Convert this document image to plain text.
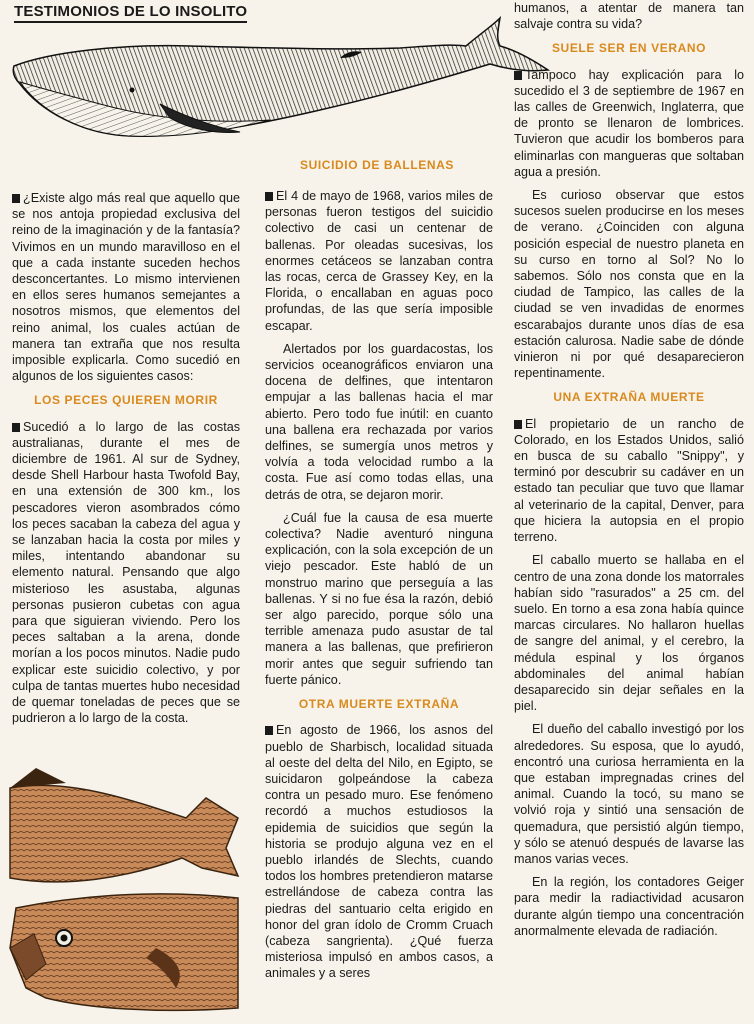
TESTIMONIOS DE LO INSOLITO
SUICIDIO DE BALLENAS

¿Existe algo más real que aquello que se nos antoja propiedad exclusiva del reino de la imaginación y de la fantasía? Vivimos en un mundo maravilloso en el que a cada instante suceden hechos desconcertantes. Lo mismo intervienen en ellos seres humanos semejantes a nosotros mismos, que elementos del reino animal, los cuales actúan de manera tan extraña que nos resulta imposible explicarla. Como sucedió en algunos de los siguientes casos:

LOS PECES QUIEREN MORIR

Sucedió a lo largo de las costas australianas, durante el mes de diciembre de 1961. Al sur de Sydney, desde Shell Harbour hasta Twofold Bay, en una extensión de 300 km., los pescadores vieron asombrados cómo los peces sacaban la cabeza del agua y se lanzaban hacia la costa por miles y miles, intentando abandonar su elemento natural. Pensando que algo misterioso les asustaba, algunas personas pusieron cubetas con agua para que siguieran viviendo. Pero los peces saltaban a la arena, donde morían a los pocos minutos. Nadie pudo explicar este suicidio colectivo, y por culpa de tantas muertes hubo necesidad de quemar toneladas de peces que se pudrieron a lo largo de la costa.

El 4 de mayo de 1968, varios miles de personas fueron testigos del suicidio colectivo de casi un centenar de ballenas. Por oleadas sucesivas, los enormes cetáceos se lanzaban contra las rocas, cerca de Grassey Key, en la Florida, o encallaban en aguas poco profundas, de las que sería imposible escapar.

Alertados por los guardacostas, los servicios oceanográficos enviaron una docena de delfines, que intentaron empujar a las ballenas hacia el mar abierto. Pero todo fue inútil: en cuanto una ballena era rechazada por varios delfines, se sumergía unos metros y volvía a toda velocidad rumbo a la costa. Fue así como todas ellas, una detrás de otra, se dejaron morir.

¿Cuál fue la causa de esa muerte colectiva? Nadie aventuró ninguna explicación, con la sola excepción de un viejo pescador. Este habló de un monstruo marino que perseguía a las ballenas. Y si no fue ésa la razón, debió ser algo parecido, porque sólo una terrible amenaza pudo asustar de tal manera a las ballenas, que prefirieron morir antes que seguir sufriendo tan fuerte pánico.

OTRA MUERTE EXTRAÑA

En agosto de 1966, los asnos del pueblo de Sharbisch, localidad situada al oeste del delta del Nilo, en Egipto, se suicidaron golpeándose la cabeza contra un pesado muro. Ese fenómeno recordó a muchos estudiosos la epidemia de suicidios que según la historia se produjo alguna vez en el pueblo irlandés de Slechts, cuando todos los hombres pretendieron matarse estrellándose de cabeza contra las piedras del santuario celta erigido en honor del gran ídolo de Cromm Cruach (cabeza sangrienta). ¿Qué fuerza misteriosa impulsó en ambos casos, a animales y a seres

humanos, a atentar de manera tan salvaje contra su vida?

SUELE SER EN VERANO

Tampoco hay explicación para lo sucedido el 3 de septiembre de 1967 en las calles de Greenwich, Inglaterra, que de pronto se llenaron de lombrices. Tuvieron que acudir los bomberos para eliminarlas con mangueras que soltaban agua a presión.

Es curioso observar que estos sucesos suelen producirse en los meses de verano. ¿Coinciden con alguna posición especial de nuestro planeta en su curso en torno al Sol? No lo sabemos. Sólo nos consta que en la ciudad de Tampico, las calles de la ciudad se ven invadidas de enormes escarabajos durante unos días de esa estación calurosa. Nadie sabe de dónde vinieron ni por qué desaparecieron repentinamente.

UNA EXTRAÑA MUERTE

El propietario de un rancho de Colorado, en los Estados Unidos, salió en busca de su caballo "Snippy", y terminó por descubrir su cadáver en un estado tan peculiar que tuvo que llamar al veterinario de la capital, Denver, para que hiciera la autopsia en el propio terreno.

El caballo muerto se hallaba en el centro de una zona donde los matorrales habían sido "rasurados" a 25 cm. del suelo. En torno a esa zona había quince marcas circulares. No hallaron huellas de sangre del animal, y el cerebro, la médula espinal y los órganos abdominales del animal habían desaparecido sin dejar señales en la piel.

El dueño del caballo investigó por los alrededores. Su esposa, que lo ayudó, encontró una curiosa herramienta en la que estaban impregnadas crines del animal. Cuando la tocó, su mano se volvió roja y sintió una sensación de quemadura, que persistió algún tiempo, y sólo se atenuó después de lavarse las manos varias veces.

En la región, los contadores Geiger para medir la radiactividad acusaron durante algún tiempo una concentración anormalmente elevada de radiación.
